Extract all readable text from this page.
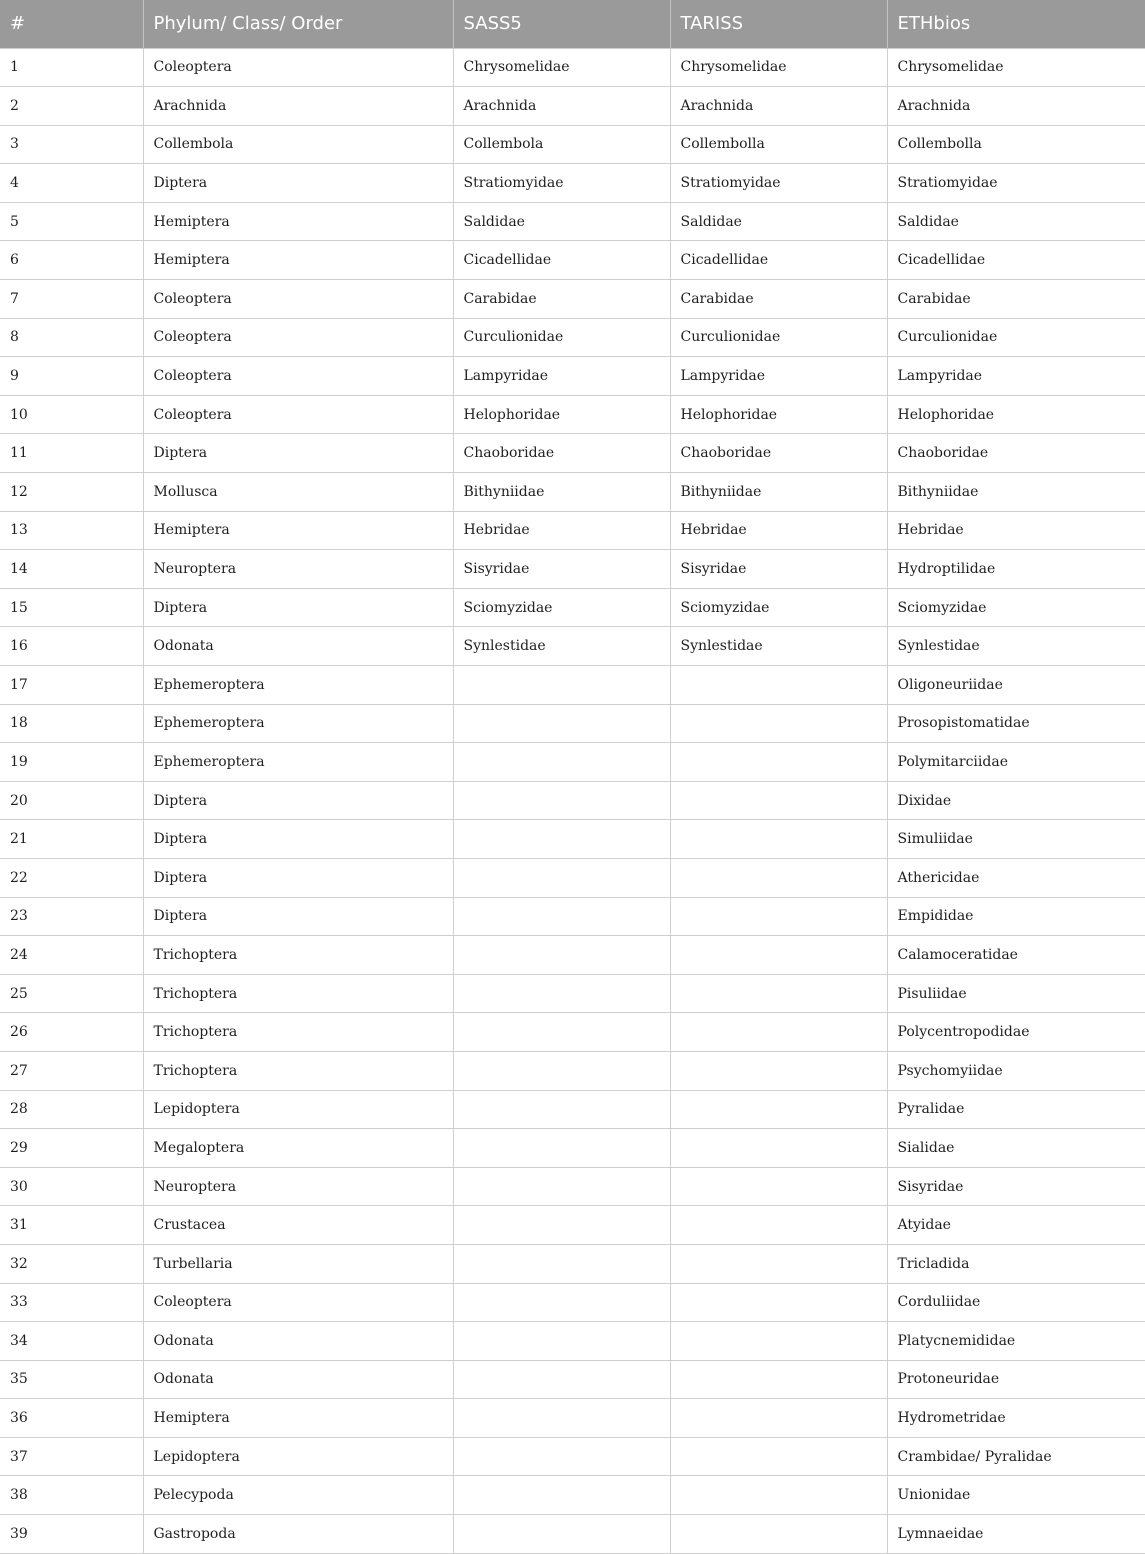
#	Phylum/ Class/ Order	SASS5	TARISS	ETHbios
1	Coleoptera	Chrysomelidae	Chrysomelidae	Chrysomelidae
2	Arachnida	Arachnida	Arachnida	Arachnida
3	Collembola	Collembola	Collembolla	Collembolla
4	Diptera	Stratiomyidae	Stratiomyidae	Stratiomyidae
5	Hemiptera	Saldidae	Saldidae	Saldidae
6	Hemiptera	Cicadellidae	Cicadellidae	Cicadellidae
7	Coleoptera	Carabidae	Carabidae	Carabidae
8	Coleoptera	Curculionidae	Curculionidae	Curculionidae
9	Coleoptera	Lampyridae	Lampyridae	Lampyridae
10	Coleoptera	Helophoridae	Helophoridae	Helophoridae
11	Diptera	Chaoboridae	Chaoboridae	Chaoboridae
12	Mollusca	Bithyniidae	Bithyniidae	Bithyniidae
13	Hemiptera	Hebridae	Hebridae	Hebridae
14	Neuroptera	Sisyridae	Sisyridae	Hydroptilidae
15	Diptera	Sciomyzidae	Sciomyzidae	Sciomyzidae
16	Odonata	Synlestidae	Synlestidae	Synlestidae
17	Ephemeroptera			Oligoneuriidae
18	Ephemeroptera			Prosopistomatidae
19	Ephemeroptera			Polymitarciidae
20	Diptera			Dixidae
21	Diptera			Simuliidae
22	Diptera			Athericidae
23	Diptera			Empididae
24	Trichoptera			Calamoceratidae
25	Trichoptera			Pisuliidae
26	Trichoptera			Polycentropodidae
27	Trichoptera			Psychomyiidae
28	Lepidoptera			Pyralidae
29	Megaloptera			Sialidae
30	Neuroptera			Sisyridae
31	Crustacea			Atyidae
32	Turbellaria			Tricladida
33	Coleoptera			Corduliidae
34	Odonata			Platycnemididae
35	Odonata			Protoneuridae
36	Hemiptera			Hydrometridae
37	Lepidoptera			Crambidae/ Pyralidae
38	Pelecypoda			Unionidae
39	Gastropoda			Lymnaeidae
